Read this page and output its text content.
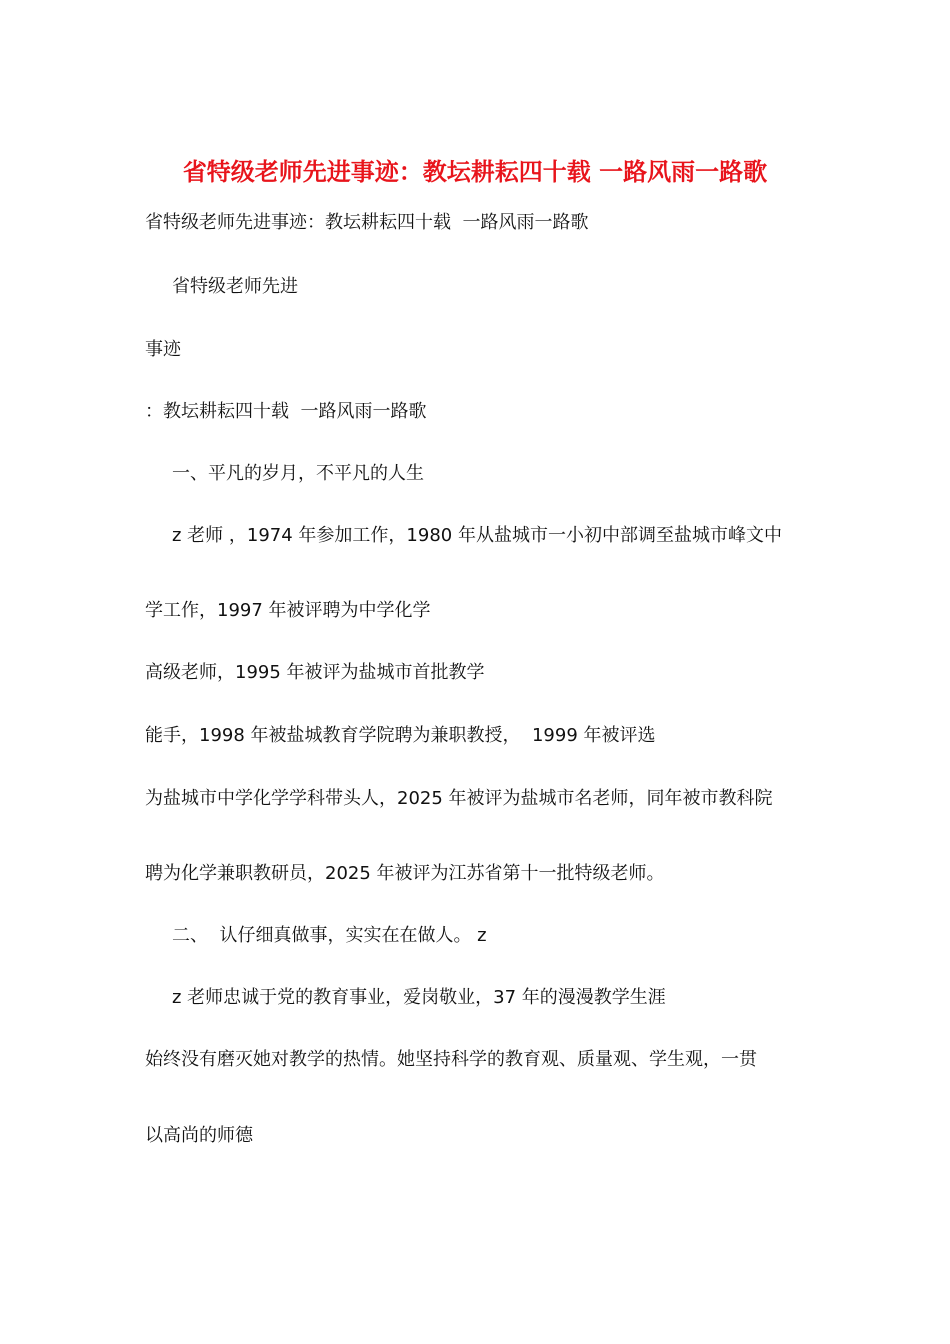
省特级老师先进事迹：教坛耕耘四十载 一路风雨一路歌
省特级老师先进事迹：教坛耕耘四十载  一路风雨一路歌
省特级老师先进
事迹
：教坛耕耘四十载  一路风雨一路歌
一、平凡的岁月，不平凡的人生
z 老师 ，1974 年参加工作，1980 年从盐城市一小初中部调至盐城市峰文中
学工作，1997 年被评聘为中学化学
高级老师，1995 年被评为盐城市首批教学
能手，1998 年被盐城教育学院聘为兼职教授，  1999 年被评选
为盐城市中学化学学科带头人，2025 年被评为盐城市名老师，同年被市教科院
聘为化学兼职教研员，2025 年被评为江苏省第十一批特级老师。
二、  认仔细真做事，实实在在做人。 z
z 老师忠诚于党的教育事业，爱岗敬业，37 年的漫漫教学生涯
始终没有磨灭她对教学的热情。她坚持科学的教育观、质量观、学生观，一贯
以高尚的师德
